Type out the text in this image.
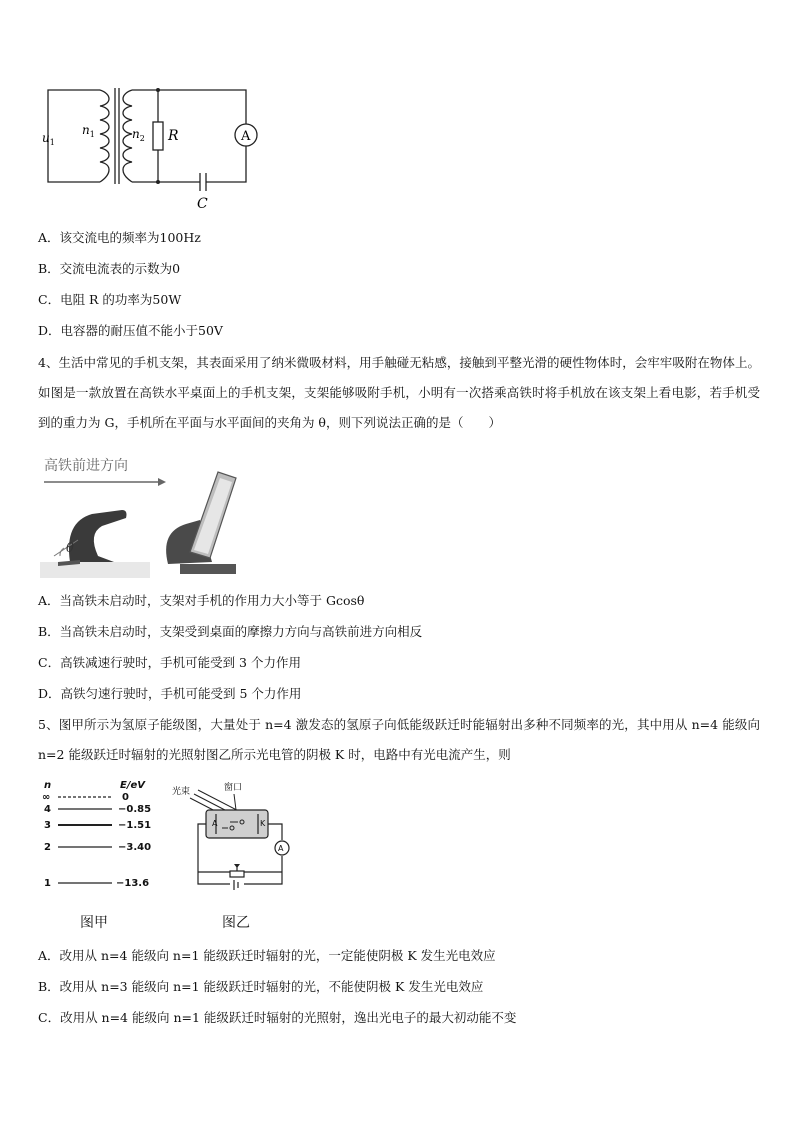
$u_1$
$n_1$	$n_2$ R	A
C
A．该交流电的频率为100Hz
B．交流电流表的示数为0
C．电阻 R 的功率为50W
D．电容器的耐压值不能小于50V
4、生活中常见的手机支架，其表面采用了纳米微吸材料，用手触碰无粘感，接触到平整光滑的硬性物体时，会牢牢吸附在物体上。如图是一款放置在高铁水平桌面上的手机支架，支架能够吸附手机，小明有一次搭乘高铁时将手机放在该支架上看电影，若手机受到的重力为 G，手机所在平面与水平面间的夹角为 θ，则下列说法正确的是（　　）
高铁前进方向
θ
A．当高铁未启动时，支架对手机的作用力大小等于 Gcosθ
B．当高铁未启动时，支架受到桌面的摩擦力方向与高铁前进方向相反
C．高铁减速行驶时，手机可能受到 3 个力作用
D．高铁匀速行驶时，手机可能受到 5 个力作用
5、图甲所示为氢原子能级图，大量处于 n=4 激发态的氢原子向低能级跃迁时能辐射出多种不同频率的光，其中用从 n=4 能级向 n=2 能级跃迁时辐射的光照射图乙所示光电管的阴极 K 时，电路中有光电流产生，则
n	E/eV
∞	0
4	−0.85
3	−1.51
2	−3.40
1	−13.6
图甲
光束	窗口
A	K
A
图乙
A．改用从 n=4 能级向 n=1 能级跃迁时辐射的光，一定能使阴极 K 发生光电效应
B．改用从 n=3 能级向 n=1 能级跃迁时辐射的光，不能使阴极 K 发生光电效应
C．改用从 n=4 能级向 n=1 能级跃迁时辐射的光照射，逸出光电子的最大初动能不变
